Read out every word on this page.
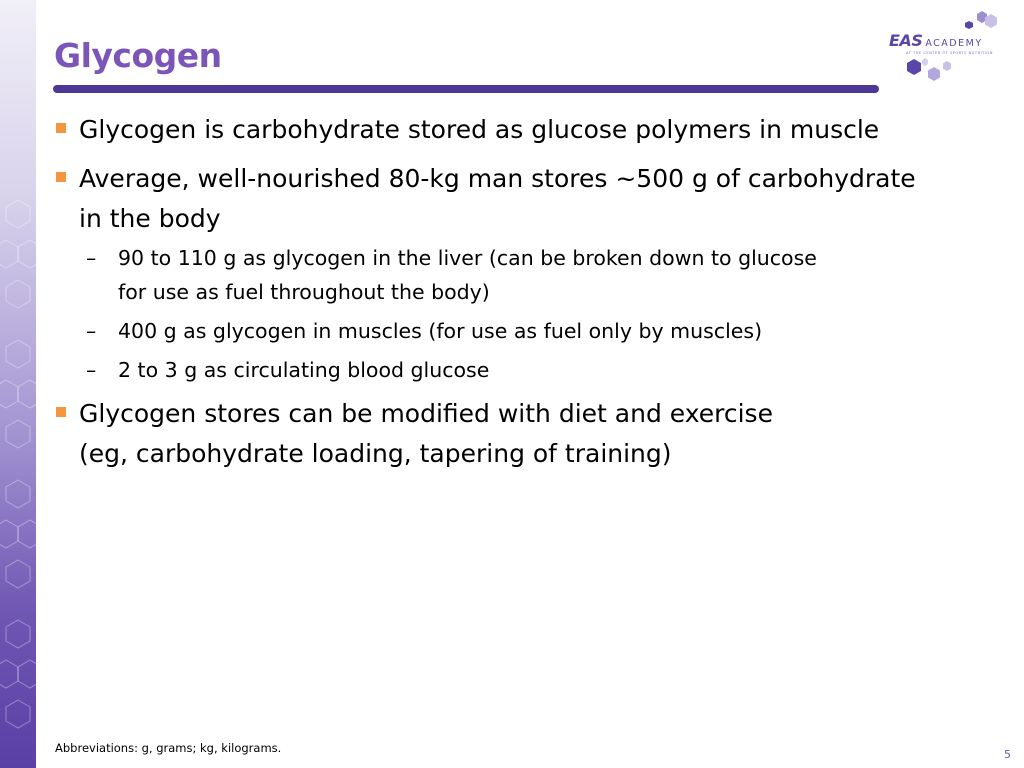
Glycogen	EAS ACADEMY
AT THE CENTER OF SPORTS NUTRITION
Glycogen is carbohydrate stored as glucose polymers in muscle
Average, well-nourished 80-kg man stores ~500 g of carbohydrate
in the body
– 90 to 110 g as glycogen in the liver (can be broken down to glucose
for use as fuel throughout the body)
– 400 g as glycogen in muscles (for use as fuel only by muscles)
– 2 to 3 g as circulating blood glucose
Glycogen stores can be modified with diet and exercise
(eg, carbohydrate loading, tapering of training)
Abbreviations: g, grams; kg, kilograms.	5
